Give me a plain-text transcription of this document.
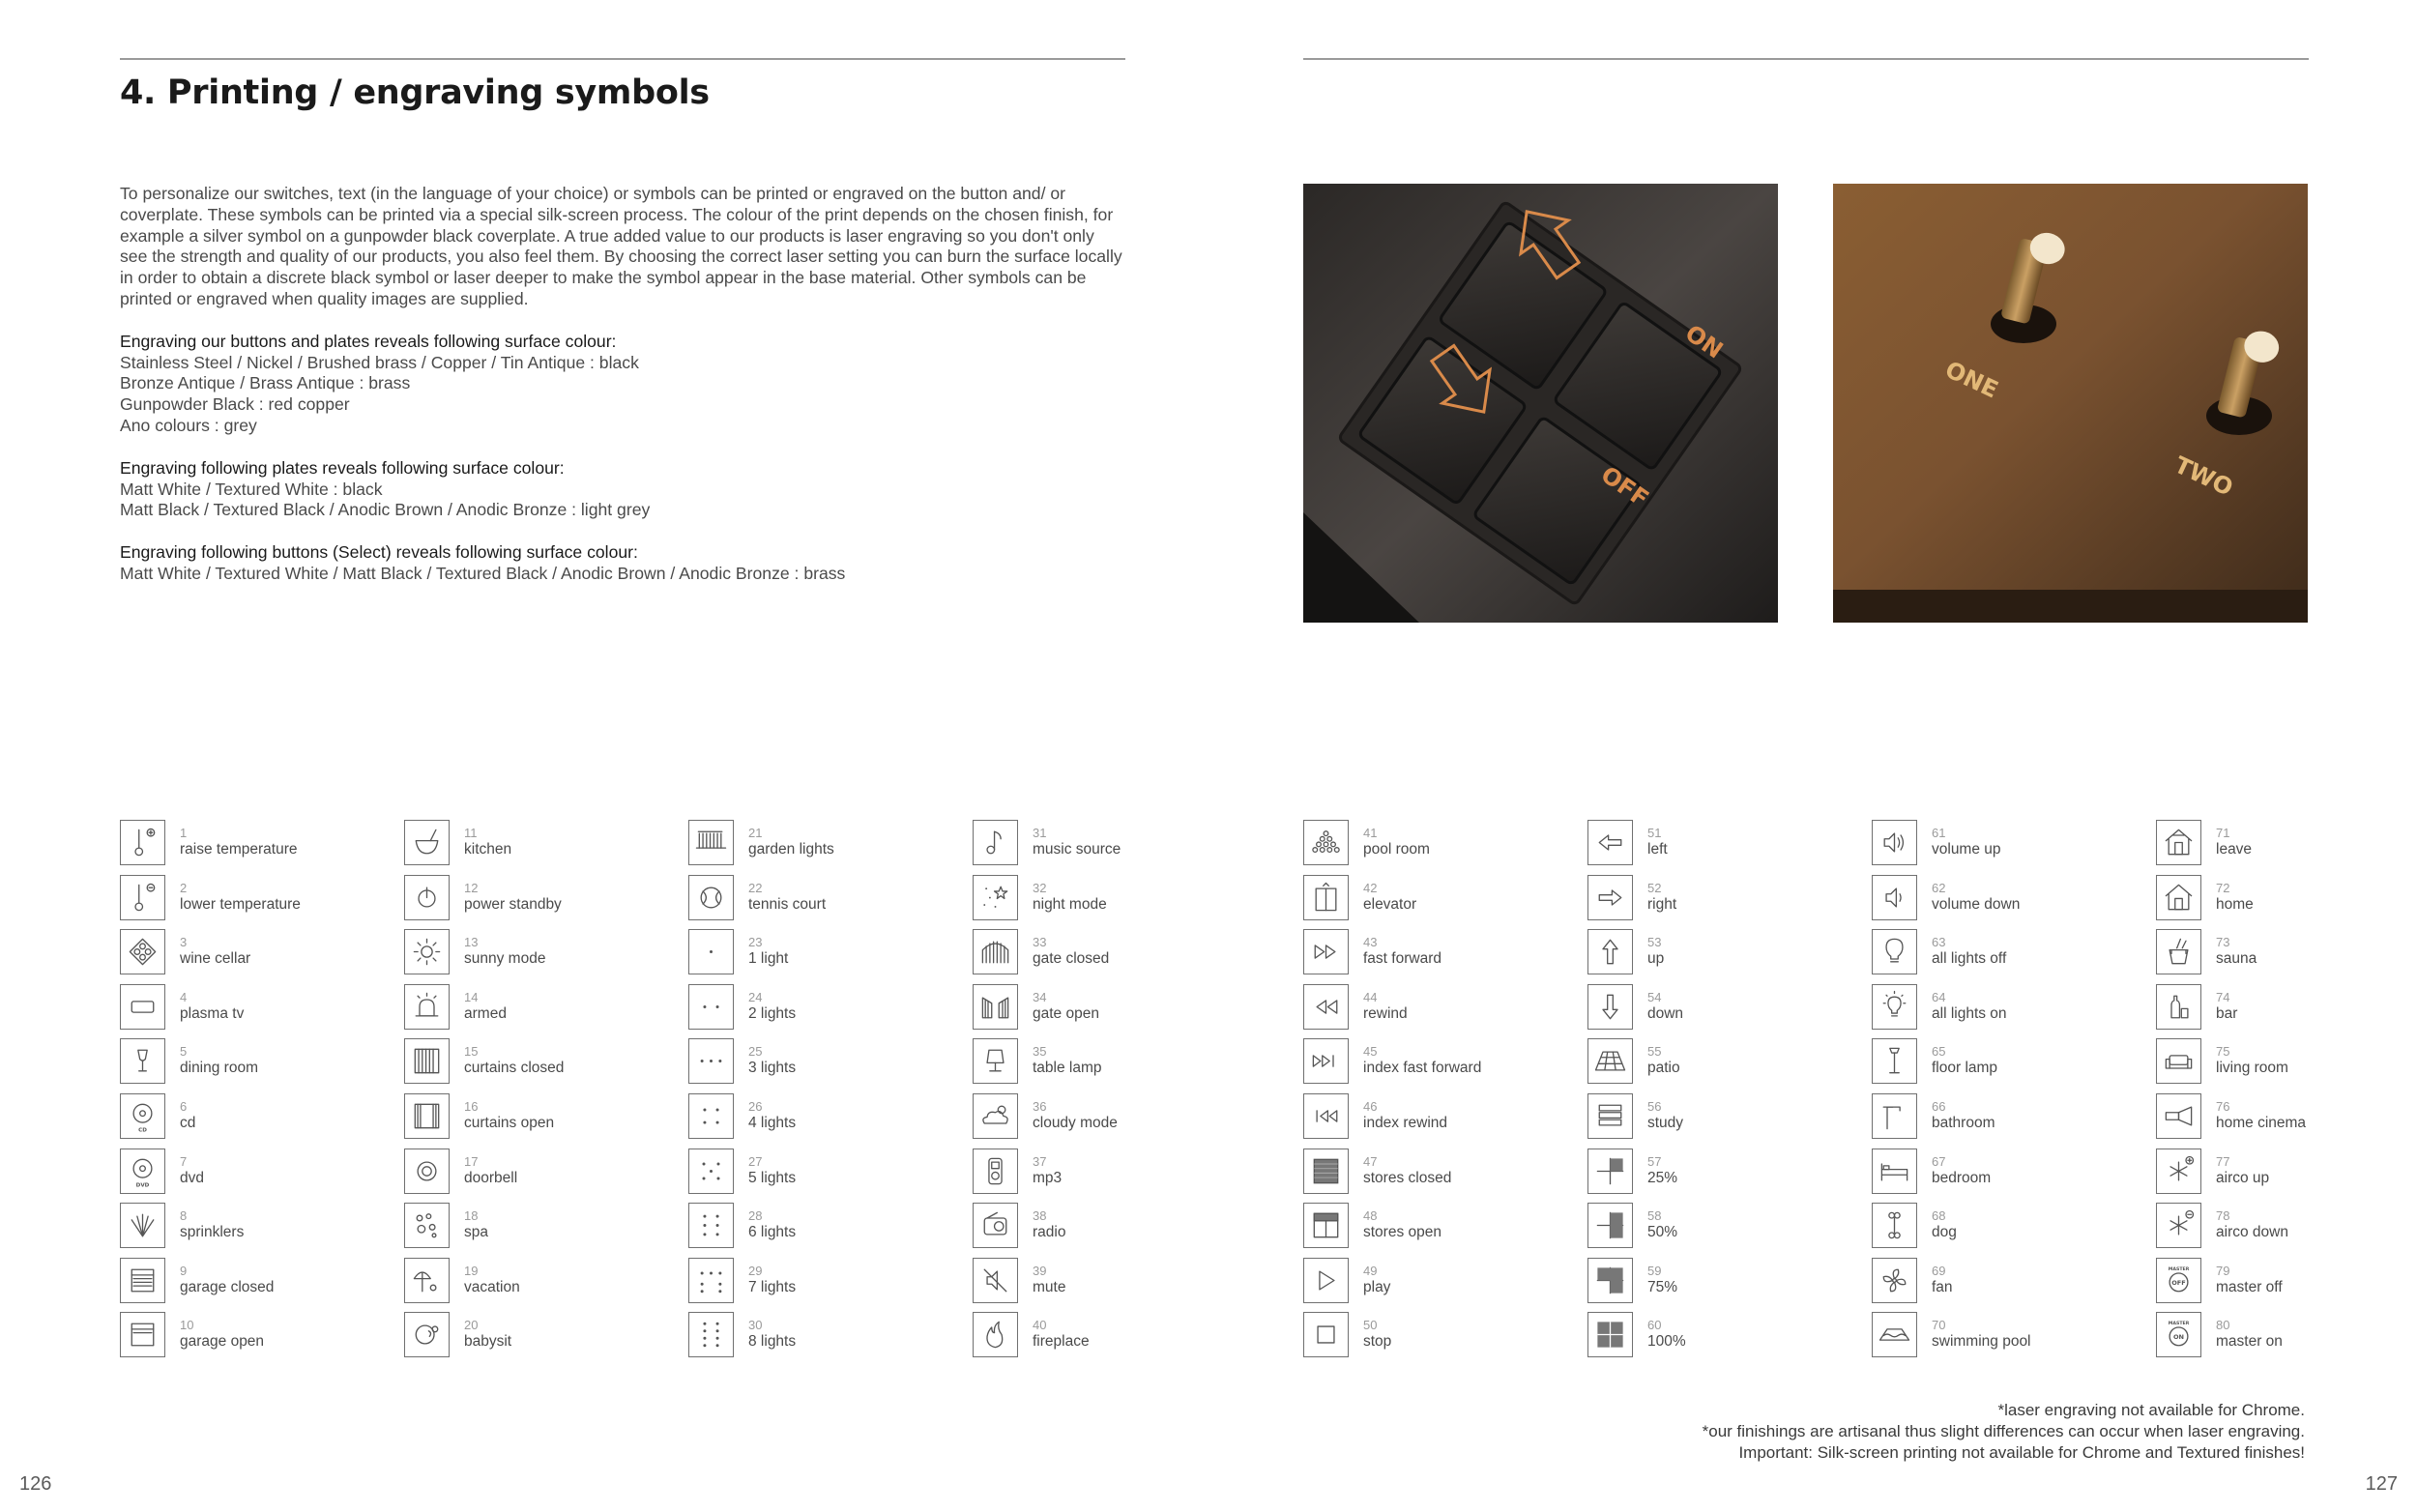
4. Printing / engraving symbols

To personalize our switches, text (in the language of your choice) or symbols can be printed or engraved on the button and/ or coverplate. These symbols can be printed via a special silk-screen process. The colour of the print depends on the chosen finish, for example a silver symbol on a gunpowder black coverplate. A true added value to our products is laser engraving so you don't only see the strength and quality of our products, you also feel them. By choosing the correct laser setting you can burn the surface locally in order to obtain a discrete black symbol or laser deeper to make the symbol appear in the base material. Other symbols can be printed or engraved when quality images are supplied.

Engraving our buttons and plates reveals following surface colour:
Stainless Steel / Nickel / Brushed brass / Copper / Tin Antique : black
Bronze Antique / Brass Antique : brass
Gunpowder Black : red copper
Ano colours : grey

Engraving following plates reveals following surface colour:
Matt White / Textured White : black
Matt Black / Textured Black / Anodic Brown / Anodic Bronze : light grey

Engraving following buttons (Select) reveals following surface colour:
Matt White / Textured White / Matt Black / Textured Black / Anodic Brown / Anodic Bronze : brass

ON
OFF
ONE
TWO
1
raise temperature
2
lower temperature
3
wine cellar
4
plasma tv
5
dining room
CD
6
cd
DVD
7
dvd
8
sprinklers
9
garage closed
10
garage open
11
kitchen
12
power standby
13
sunny mode
14
armed
15
curtains closed
16
curtains open
17
doorbell
18
spa
19
vacation
20
babysit
21
garden lights
22
tennis court
23
1 light
24
2 lights
25
3 lights
26
4 lights
27
5 lights
28
6 lights
29
7 lights
30
8 lights
31
music source
32
night mode
33
gate closed
34
gate open
35
table lamp
36
cloudy mode
37
mp3
38
radio
39
mute
40
fireplace
41
pool room
42
elevator
43
fast forward
44
rewind
45
index fast forward
46
index rewind
47
stores closed
48
stores open
49
play
50
stop
51
left
52
right
53
up
54
down
55
patio
56
study
57
25%
58
50%
59
75%
60
100%
61
volume up
62
volume down
63
all lights off
64
all lights on
65
floor lamp
66
bathroom
67
bedroom
68
dog
69
fan
70
swimming pool
71
leave
72
home
73
sauna
74
bar
75
living room
76
home cinema
77
airco up
78
airco down
OFF
MASTER 79
master off
ON
MASTER 80
master on
*laser engraving not available for Chrome.
*our finishings are artisanal thus slight differences can occur when laser engraving.
Important: Silk-screen printing not available for Chrome and Textured finishes!
126	127
